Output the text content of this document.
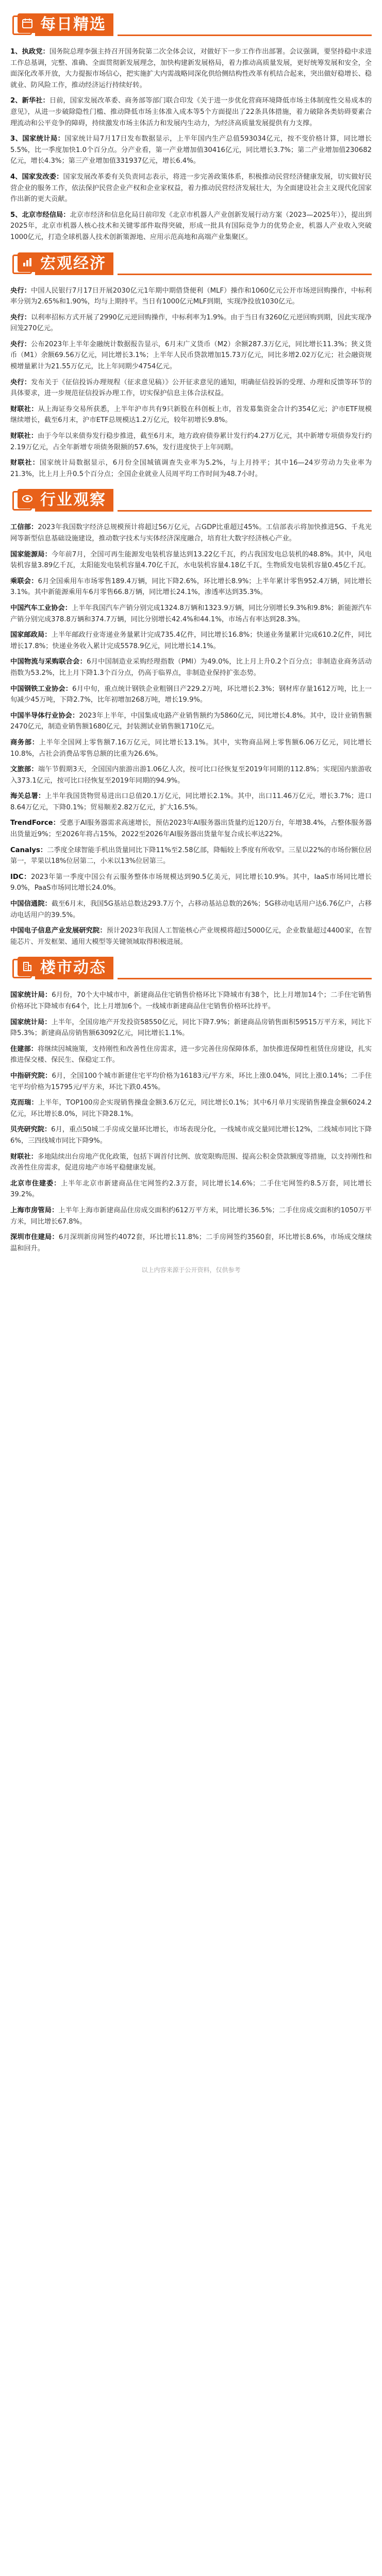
每日精选

1、执政党：国务院总理李强主持召开国务院第二次全体会议，对做好下一步工作作出部署。会议强调，要坚持稳中求进工作总基调，完整、准确、全面贯彻新发展理念，加快构建新发展格局，着力推动高质量发展，更好统筹发展和安全，全面深化改革开放，大力提振市场信心，把实施扩大内需战略同深化供给侧结构性改革有机结合起来，突出做好稳增长、稳就业、防风险工作，推动经济运行持续好转。

2、新华社：日前，国家发展改革委、商务部等部门联合印发《关于进一步优化营商环境降低市场主体制度性交易成本的意见》，从进一步破除隐性门槛、推动降低市场主体准入成本等5个方面提出了22条具体措施，着力破除各类妨碍要素合理流动和公平竞争的障碍，持续激发市场主体活力和发展内生动力，为经济高质量发展提供有力支撑。

3、国家统计局：国家统计局7月17日发布数据显示，上半年国内生产总值593034亿元，按不变价格计算，同比增长5.5%，比一季度加快1.0个百分点。分产业看，第一产业增加值30416亿元，同比增长3.7%；第二产业增加值230682亿元，增长4.3%；第三产业增加值331937亿元，增长6.4%。

4、国家发改委：国家发展改革委有关负责同志表示，将进一步完善政策体系，积极推动民营经济健康发展，切实做好民营企业的服务工作，依法保护民营企业产权和企业家权益，着力推动民营经济发展壮大，为全面建设社会主义现代化国家作出新的更大贡献。

5、北京市经信局：北京市经济和信息化局日前印发《北京市机器人产业创新发展行动方案（2023—2025年）》，提出到2025年，北京市机器人核心技术和关键零部件取得突破，形成一批具有国际竞争力的优势企业，机器人产业收入突破1000亿元，打造全球机器人技术创新策源地、应用示范高地和高端产业集聚区。

宏观经济

央行：中国人民银行7月17日开展2030亿元1年期中期借贷便利（MLF）操作和1060亿元公开市场逆回购操作，中标利率分别为2.65%和1.90%，均与上期持平。当日有1000亿元MLF到期，实现净投放1030亿元。

央行：以利率招标方式开展了2990亿元逆回购操作，中标利率为1.9%。由于当日有3260亿元逆回购到期，因此实现净回笼270亿元。

央行：公布2023年上半年金融统计数据报告显示，6月末广义货币（M2）余额287.3万亿元，同比增长11.3%；狭义货币（M1）余额69.56万亿元，同比增长3.1%；上半年人民币贷款增加15.73万亿元，同比多增2.02万亿元；社会融资规模增量累计为21.55万亿元，比上年同期少4754亿元。

央行：发布关于《征信投诉办理规程（征求意见稿）》公开征求意见的通知，明确征信投诉的受理、办理和反馈等环节的具体要求，进一步规范征信投诉办理工作，切实保护信息主体合法权益。

财联社：从上海证券交易所获悉，上半年沪市共有9只新股在科创板上市，首发募集资金合计约354亿元；沪市ETF规模继续增长，截至6月末，沪市ETF总规模达1.2万亿元，较年初增长9.8%。

财联社：由于今年以来债券发行稳步推进，截至6月末，地方政府债券累计发行约4.27万亿元，其中新增专项债券发行约2.19万亿元，占全年新增专项债务限额的57.6%，发行进度快于上年同期。

财联社：国家统计局数据显示，6月份全国城镇调查失业率为5.2%，与上月持平；其中16—24岁劳动力失业率为21.3%，比上月上升0.5个百分点；全国企业就业人员周平均工作时间为48.7小时。

行业观察

工信部：2023年我国数字经济总规模预计将超过56万亿元，占GDP比重超过45%。工信部表示将加快推进5G、千兆光网等新型信息基础设施建设，推动数字技术与实体经济深度融合，培育壮大数字经济核心产业。

国家能源局：今年前7月，全国可再生能源发电装机容量达到13.22亿千瓦，约占我国发电总装机的48.8%。其中，风电装机容量3.89亿千瓦，太阳能发电装机容量4.70亿千瓦，水电装机容量4.18亿千瓦，生物质发电装机容量0.45亿千瓦。

乘联会：6月全国乘用车市场零售189.4万辆，同比下降2.6%，环比增长8.9%；上半年累计零售952.4万辆，同比增长3.1%。其中新能源乘用车6月零售66.8万辆，同比增长24.1%，渗透率达到35.3%。

中国汽车工业协会：上半年我国汽车产销分别完成1324.8万辆和1323.9万辆，同比分别增长9.3%和9.8%；新能源汽车产销分别完成378.8万辆和374.7万辆，同比分别增长42.4%和44.1%，市场占有率达到28.3%。

国家邮政局：上半年邮政行业寄递业务量累计完成735.4亿件，同比增长16.8%；快递业务量累计完成610.2亿件，同比增长17.8%；快递业务收入累计完成5578.9亿元，同比增长14.1%。

中国物流与采购联合会：6月中国制造业采购经理指数（PMI）为49.0%，比上月上升0.2个百分点；非制造业商务活动指数为53.2%，比上月下降1.3个百分点，仍高于临界点，非制造业保持扩张态势。

中国钢铁工业协会：6月中旬，重点统计钢铁企业粗钢日产229.2万吨，环比增长2.3%；钢材库存量1612万吨，比上一旬减少45万吨，下降2.7%，比年初增加268万吨，增长19.9%。

中国半导体行业协会：2023年上半年，中国集成电路产业销售额约为5860亿元，同比增长4.8%。其中，设计业销售额2470亿元，制造业销售额1680亿元，封装测试业销售额1710亿元。

商务部：上半年全国网上零售额7.16万亿元，同比增长13.1%。其中，实物商品网上零售额6.06万亿元，同比增长10.8%，占社会消费品零售总额的比重为26.6%。

文旅部：端午节假期3天，全国国内旅游出游1.06亿人次，按可比口径恢复至2019年同期的112.8%；实现国内旅游收入373.1亿元，按可比口径恢复至2019年同期的94.9%。

海关总署：上半年我国货物贸易进出口总值20.1万亿元，同比增长2.1%。其中，出口11.46万亿元，增长3.7%；进口8.64万亿元，下降0.1%；贸易顺差2.82万亿元，扩大16.5%。

TrendForce：受惠于AI服务器需求高速增长，预估2023年AI服务器出货量约近120万台，年增38.4%，占整体服务器出货量近9%；至2026年将占15%，2022至2026年AI服务器出货量年复合成长率达22%。

Canalys：二季度全球智能手机出货量同比下降11%至2.58亿部，降幅较上季度有所收窄。三星以22%的市场份额位居第一，苹果以18%位居第二，小米以13%位居第三。

IDC：2023年第一季度中国公有云服务整体市场规模达到90.5亿美元，同比增长10.9%。其中，IaaS市场同比增长9.0%，PaaS市场同比增长24.0%。

中国信通院：截至6月末，我国5G基站总数达293.7万个，占移动基站总数的26%；5G移动电话用户达6.76亿户，占移动电话用户的39.5%。

中国电子信息产业发展研究院：预计2023年我国人工智能核心产业规模将超过5000亿元，企业数量超过4400家，在智能芯片、开发框架、通用大模型等关键领域取得积极进展。

楼市动态

国家统计局：6月份，70个大中城市中，新建商品住宅销售价格环比下降城市有38个，比上月增加14个；二手住宅销售价格环比下降城市有64个，比上月增加6个。一线城市新建商品住宅销售价格环比持平。

国家统计局：上半年，全国房地产开发投资58550亿元，同比下降7.9%；新建商品房销售面积59515万平方米，同比下降5.3%；新建商品房销售额63092亿元，同比增长1.1%。

住建部：将继续因城施策，支持刚性和改善性住房需求，进一步完善住房保障体系，加快推进保障性租赁住房建设，扎实推进保交楼、保民生、保稳定工作。

中指研究院：6月，全国100个城市新建住宅平均价格为16183元/平方米，环比上涨0.04%，同比上涨0.14%；二手住宅平均价格为15795元/平方米，环比下跌0.45%。

克而瑞：上半年，TOP100房企实现销售操盘金额3.6万亿元，同比增长0.1%；其中6月单月实现销售操盘金额6024.2亿元，环比增长8.0%，同比下降28.1%。

贝壳研究院：6月，重点50城二手房成交量环比增长，市场表现分化，一线城市成交量同比增长12%，二线城市同比下降6%，三四线城市同比下降9%。

财联社：多地陆续出台房地产优化政策，包括下调首付比例、放宽限购范围、提高公积金贷款额度等措施，以支持刚性和改善性住房需求，促进房地产市场平稳健康发展。

北京市住建委：上半年北京市新建商品住宅网签约2.3万套，同比增长14.6%；二手住宅网签约8.5万套，同比增长39.2%。

上海市房管局：上半年上海市新建商品住房成交面积约612万平方米，同比增长36.5%；二手住房成交面积约1050万平方米，同比增长67.8%。

深圳市住建局：6月深圳新房网签约4072套，环比增长11.8%；二手房网签约3560套，环比增长8.6%，市场成交继续温和回升。

以上内容来源于公开资料，仅供参考
